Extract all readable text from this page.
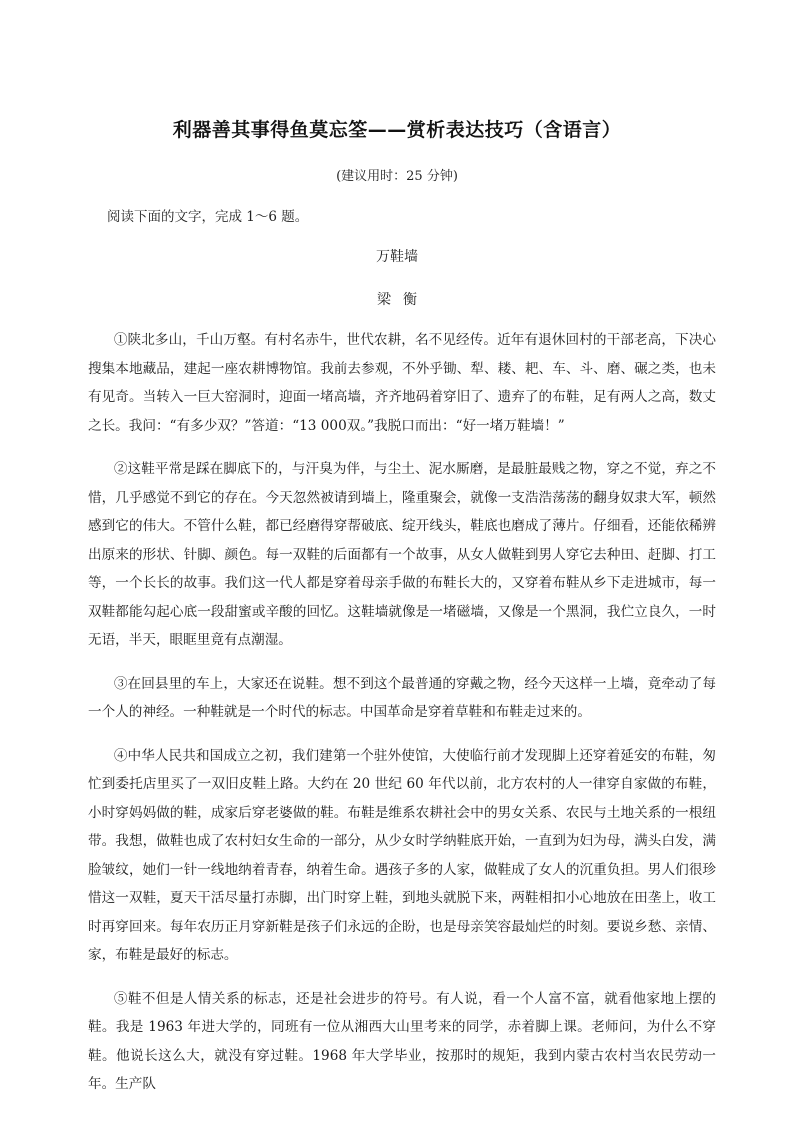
利器善其事得鱼莫忘筌——赏析表达技巧（含语言）
(建议用时：25 分钟)
阅读下面的文字，完成 1～6 题。
万鞋墙
梁衡

①陕北多山，千山万壑。有村名赤牛，世代农耕，名不见经传。近年有退休回村的干部老高，下决心搜集本地藏品，建起一座农耕博物馆。我前去参观，不外乎锄、犁、耧、耙、车、斗、磨、碾之类，也未有见奇。当转入一巨大窑洞时，迎面一堵高墙，齐齐地码着穿旧了、遗弃了的布鞋，足有两人之高，数丈之长。我问：“有多少双？”答道：“13 000双。”我脱口而出：“好一堵万鞋墙！”

②这鞋平常是踩在脚底下的，与汗臭为伴，与尘土、泥水厮磨，是最脏最贱之物，穿之不觉，弃之不惜，几乎感觉不到它的存在。今天忽然被请到墙上，隆重聚会，就像一支浩浩荡荡的翻身奴隶大军，顿然感到它的伟大。不管什么鞋，都已经磨得穿帮破底、绽开线头，鞋底也磨成了薄片。仔细看，还能依稀辨出原来的形状、针脚、颜色。每一双鞋的后面都有一个故事，从女人做鞋到男人穿它去种田、赶脚、打工等，一个长长的故事。我们这一代人都是穿着母亲手做的布鞋长大的，又穿着布鞋从乡下走进城市，每一双鞋都能勾起心底一段甜蜜或辛酸的回忆。这鞋墙就像是一堵磁墙，又像是一个黑洞，我伫立良久，一时无语，半天，眼眶里竟有点潮湿。

③在回县里的车上，大家还在说鞋。想不到这个最普通的穿戴之物，经今天这样一上墙，竟牵动了每一个人的神经。一种鞋就是一个时代的标志。中国革命是穿着草鞋和布鞋走过来的。

④中华人民共和国成立之初，我们建第一个驻外使馆，大使临行前才发现脚上还穿着延安的布鞋，匆忙到委托店里买了一双旧皮鞋上路。大约在 20 世纪 60 年代以前，北方农村的人一律穿自家做的布鞋，小时穿妈妈做的鞋，成家后穿老婆做的鞋。布鞋是维系农耕社会中的男女关系、农民与土地关系的一根纽带。我想，做鞋也成了农村妇女生命的一部分，从少女时学纳鞋底开始，一直到为妇为母，满头白发，满脸皱纹，她们一针一线地纳着青春，纳着生命。遇孩子多的人家，做鞋成了女人的沉重负担。男人们很珍惜这一双鞋，夏天干活尽量打赤脚，出门时穿上鞋，到地头就脱下来，两鞋相扣小心地放在田垄上，收工时再穿回来。每年农历正月穿新鞋是孩子们永远的企盼，也是母亲笑容最灿烂的时刻。要说乡愁、亲情、家，布鞋是最好的标志。

⑤鞋不但是人情关系的标志，还是社会进步的符号。有人说，看一个人富不富，就看他家地上摆的鞋。我是 1963 年进大学的，同班有一位从湘西大山里考来的同学，赤着脚上课。老师问，为什么不穿鞋。他说长这么大，就没有穿过鞋。1968 年大学毕业，按那时的规矩，我到内蒙古农村当农民劳动一年。生产队
